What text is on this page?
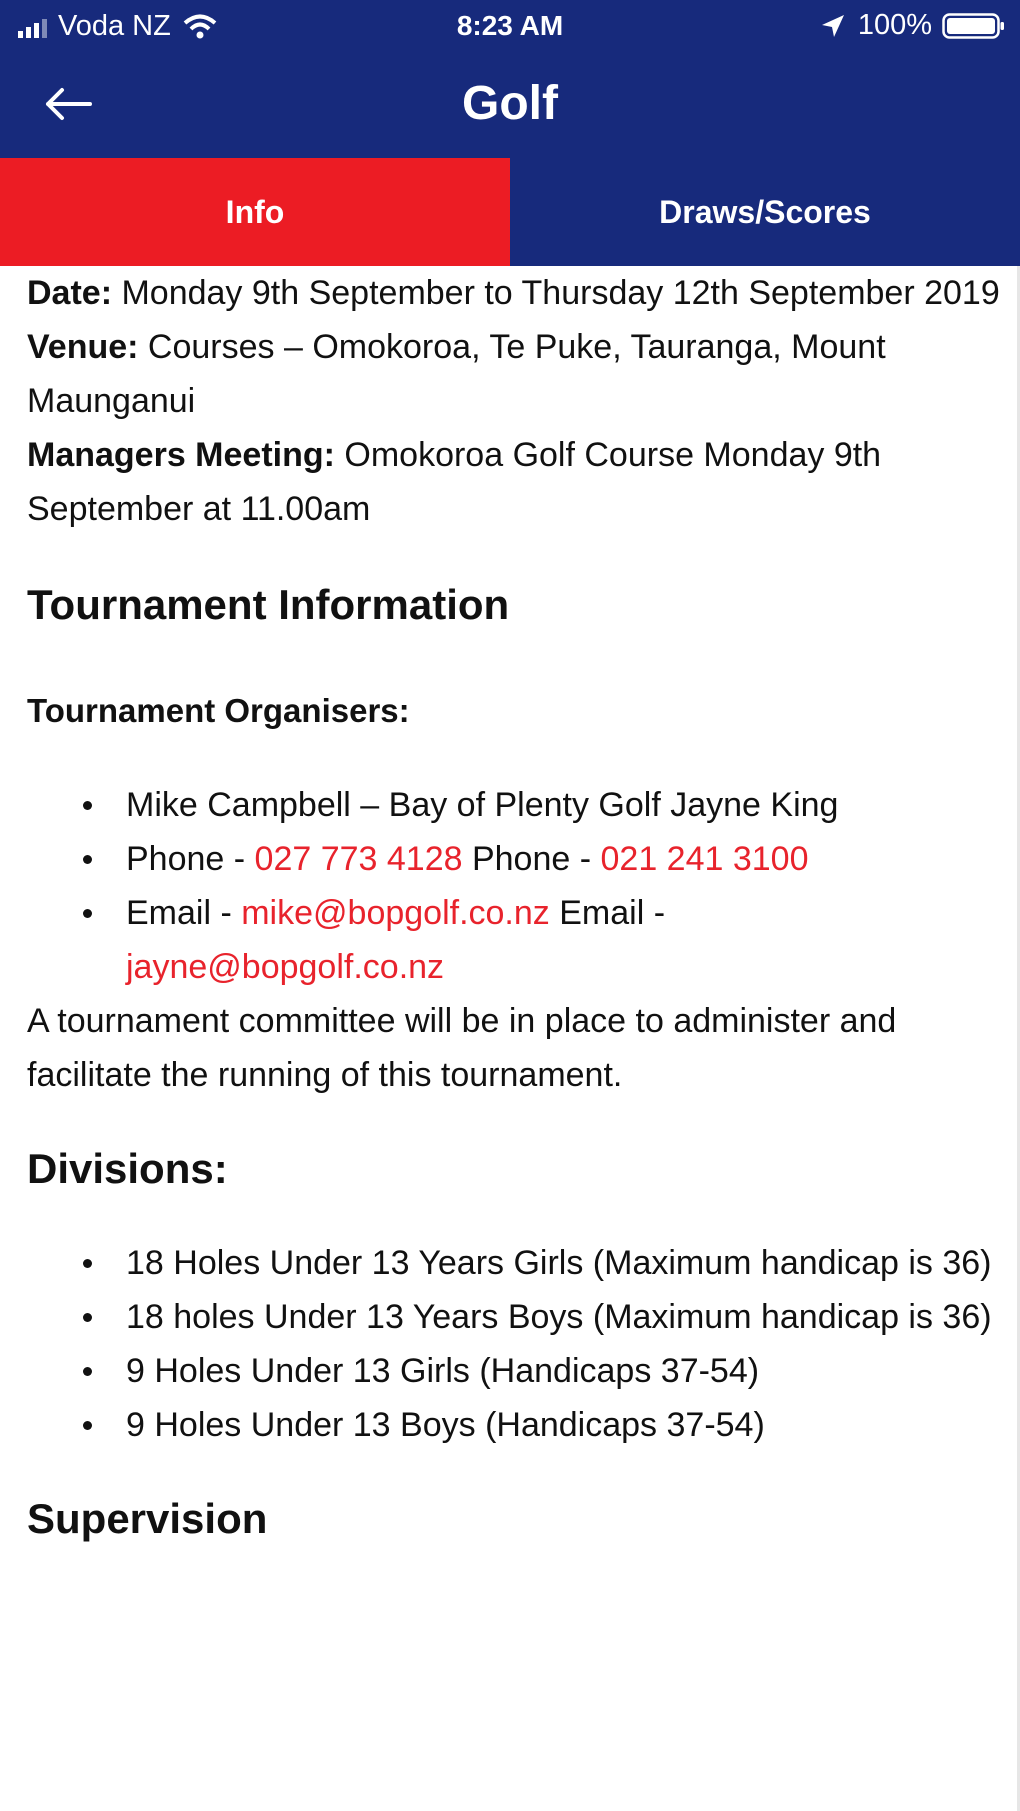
Voda NZ	8:23 AM	100%
Golf
Info	Draws/Scores

Date: Monday 9th September to Thursday 12th September 2019

Venue: Courses – Omokoroa, Te Puke, Tauranga, Mount Maunganui

Managers Meeting: Omokoroa Golf Course Monday 9th September at 11.00am

Tournament Information
Tournament Organisers:
Mike Campbell – Bay of Plenty Golf Jayne King
Phone - 027 773 4128 Phone - 021 241 3100
Email - mike@bopgolf.co.nz Email -
jayne@bopgolf.co.nz

A tournament committee will be in place to administer and facilitate the running of this tournament.

Divisions:
18 Holes Under 13 Years Girls (Maximum handicap is 36)
18 holes Under 13 Years Boys (Maximum handicap is 36)
9 Holes Under 13 Girls (Handicaps 37-54)
9 Holes Under 13 Boys (Handicaps 37-54)
Supervision
